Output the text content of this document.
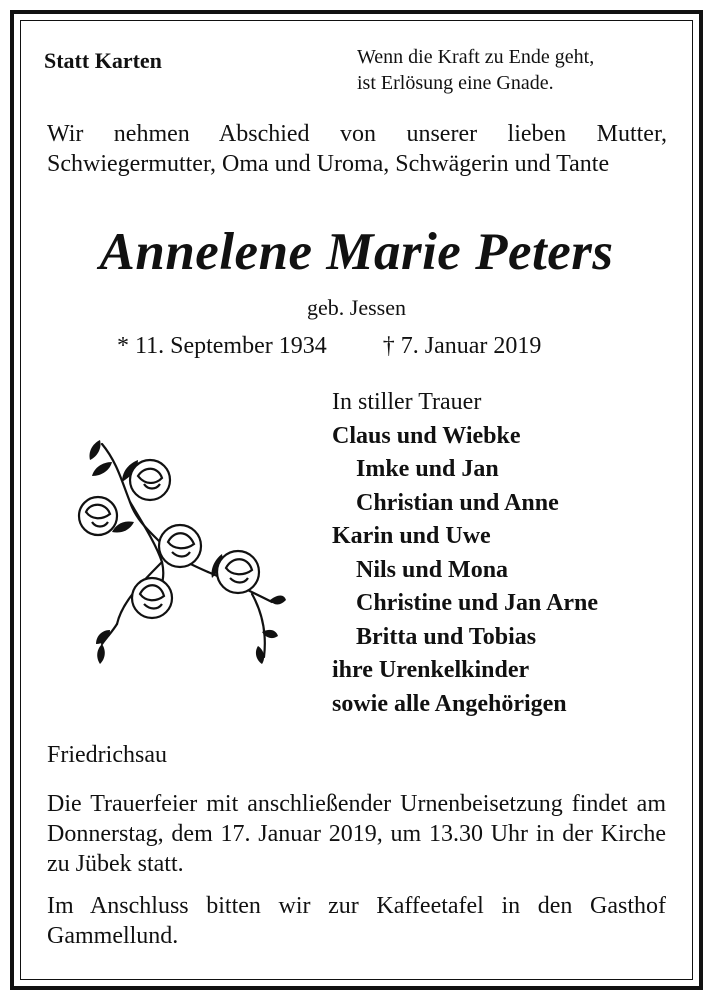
Statt Karten	Wenn die Kraft zu Ende geht,
ist Erlösung eine Gnade.
Wir nehmen Abschied von unserer lieben Mutter, Schwiegermutter, Oma und Uroma, Schwägerin und Tante
Annelene Marie Peters
geb. Jessen
* 11. September 1934 † 7. Januar 2019
In stiller Trauer
Claus und Wiebke
Imke und Jan
Christian und Anne
Karin und Uwe
Nils und Mona
Christine und Jan Arne
Britta und Tobias
ihre Urenkelkinder
sowie alle Angehörigen
Friedrichsau
Die Trauerfeier mit anschließender Urnenbeisetzung findet am Donnerstag, dem 17. Januar 2019, um 13.30 Uhr in der Kirche zu Jübek statt.
Im Anschluss bitten wir zur Kaffeetafel in den Gasthof Gammellund.
